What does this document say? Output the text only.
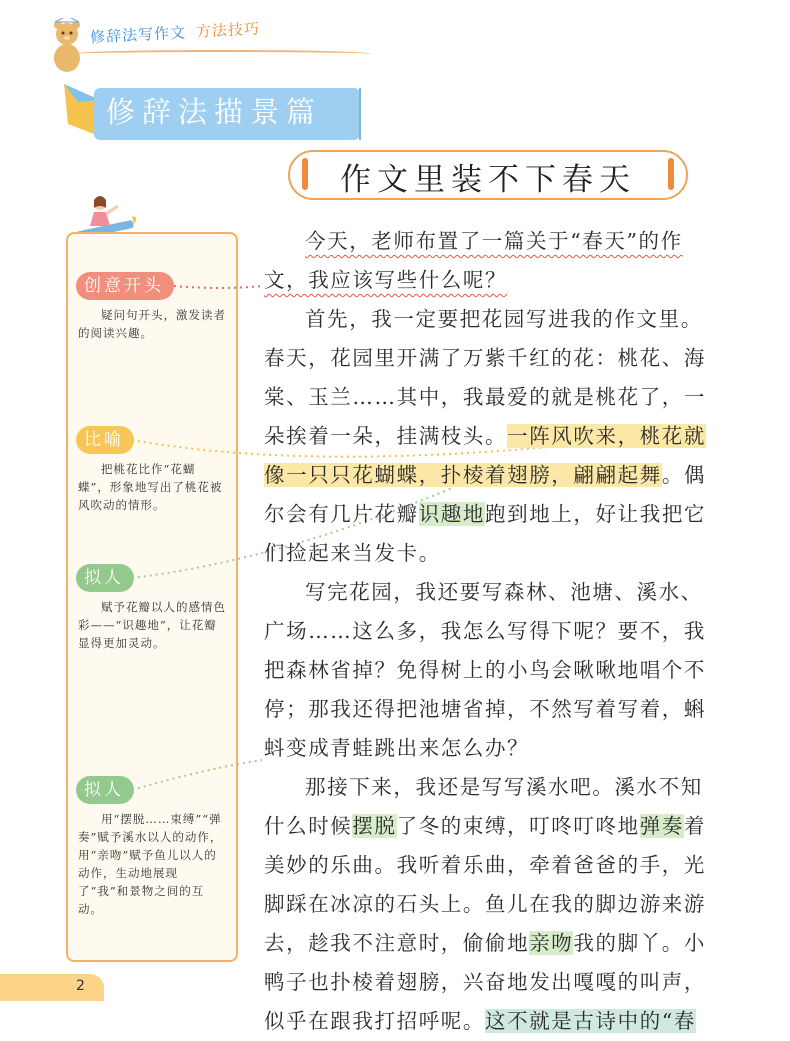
修辞法写作文 方法技巧
修辞法描景篇
作文里装不下春天
创意开头
疑问句开头，激发读者的阅读兴趣。
比喻
把桃花比作“花蝴蝶”，形象地写出了桃花被风吹动的情形。
拟人
赋予花瓣以人的感情色彩——“识趣地”，让花瓣显得更加灵动。
拟人
用“摆脱……束缚”“弹奏”赋予溪水以人的动作，用“亲吻”赋予鱼儿以人的动作，生动地展现了“我”和景物之间的互动。

今天，老师布置了一篇关于“春天”的作文，我应该写些什么呢？

首先，我一定要把花园写进我的作文里。春天，花园里开满了万紫千红的花：桃花、海棠、玉兰……其中，我最爱的就是桃花了，一朵挨着一朵，挂满枝头。一阵风吹来，桃花就像一只只花蝴蝶，扑棱着翅膀，翩翩起舞。偶尔会有几片花瓣识趣地跑到地上，好让我把它们捡起来当发卡。

写完花园，我还要写森林、池塘、溪水、广场……这么多，我怎么写得下呢？要不，我把森林省掉？免得树上的小鸟会啾啾地唱个不停；那我还得把池塘省掉，不然写着写着，蝌蚪变成青蛙跳出来怎么办？

那接下来，我还是写写溪水吧。溪水不知什么时候摆脱了冬的束缚，叮咚叮咚地弹奏着美妙的乐曲。我听着乐曲，牵着爸爸的手，光脚踩在冰凉的石头上。鱼儿在我的脚边游来游去，趁我不注意时，偷偷地亲吻我的脚丫。小鸭子也扑棱着翅膀，兴奋地发出嘎嘎的叫声，似乎在跟我打招呼呢。这不就是古诗中的“春

2
